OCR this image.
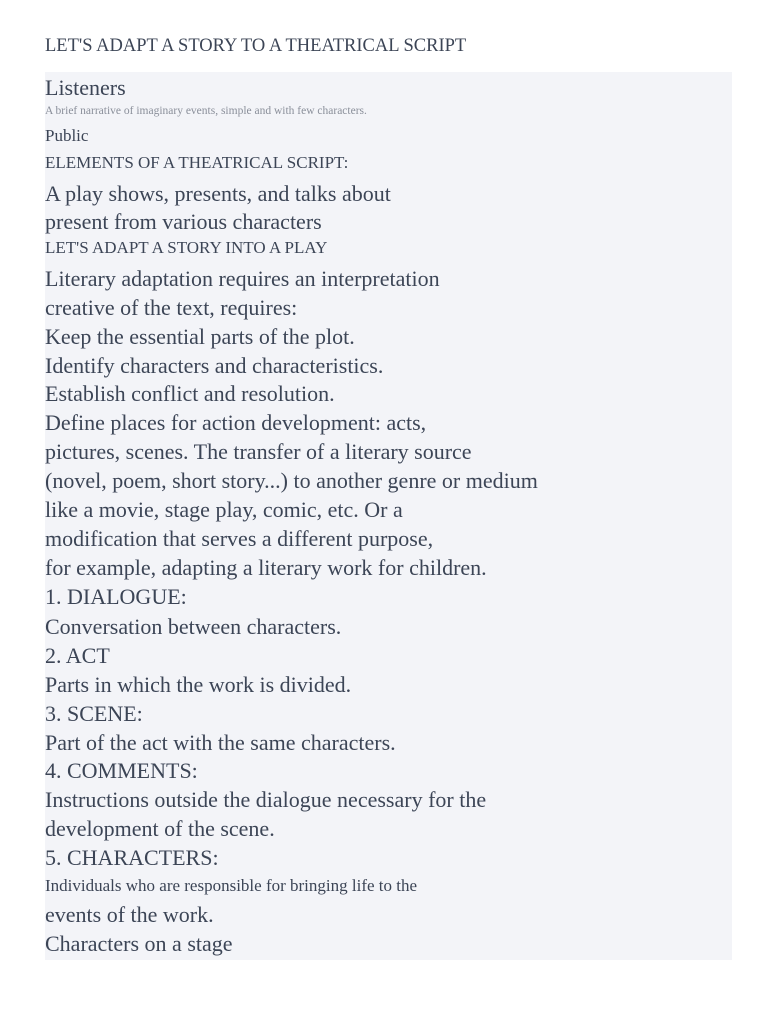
LET'S ADAPT A STORY TO A THEATRICAL SCRIPT
Listeners
A brief narrative of imaginary events, simple and with few characters.
Public
ELEMENTS OF A THEATRICAL SCRIPT:
A play shows, presents, and talks about
present from various characters
LET'S ADAPT A STORY INTO A PLAY
Literary adaptation requires an interpretation
creative of the text, requires:
Keep the essential parts of the plot.
Identify characters and characteristics.
Establish conflict and resolution.
Define places for action development: acts,
pictures, scenes. The transfer of a literary source
(novel, poem, short story...) to another genre or medium
like a movie, stage play, comic, etc. Or a
modification that serves a different purpose,
for example, adapting a literary work for children.
1. DIALOGUE:
Conversation between characters.
2. ACT
Parts in which the work is divided.
3. SCENE:
Part of the act with the same characters.
4. COMMENTS:
Instructions outside the dialogue necessary for the
development of the scene.
5. CHARACTERS:
Individuals who are responsible for bringing life to the
events of the work.
Characters on a stage
